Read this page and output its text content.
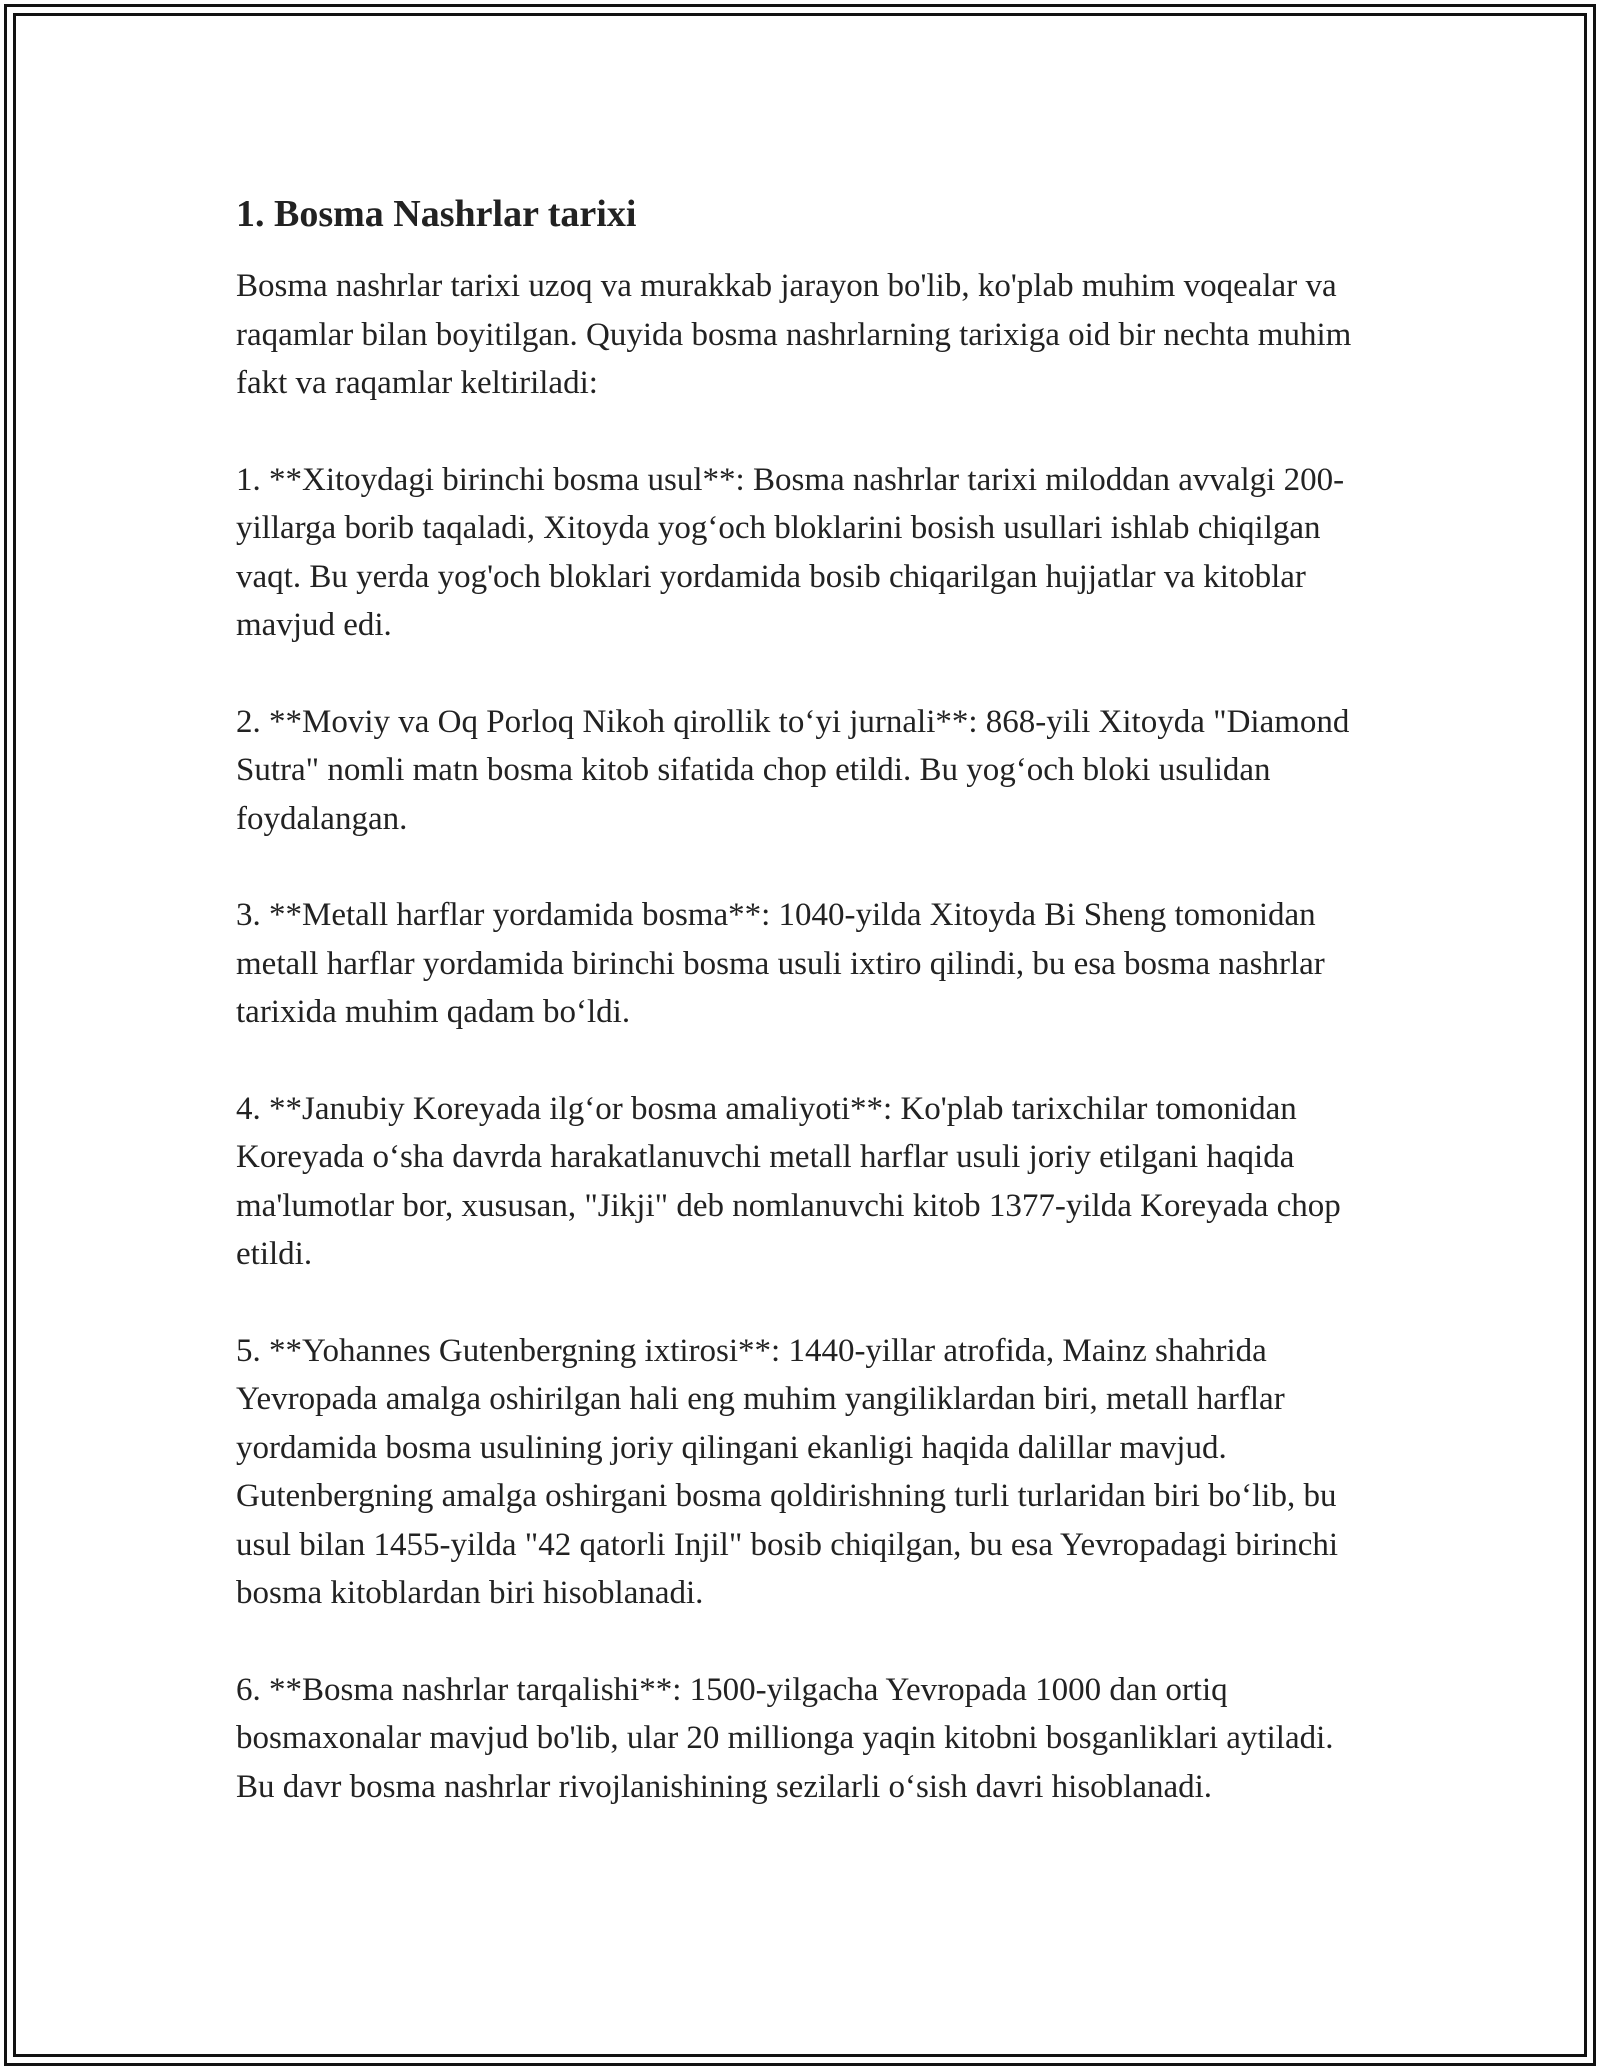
1. Bosma Nashrlar tarixi

Bosma nashrlar tarixi uzoq va murakkab jarayon bo'lib, ko'plab muhim voqealar va raqamlar bilan boyitilgan. Quyida bosma nashrlarning tarixiga oid bir nechta muhim fakt va raqamlar keltiriladi:

1. **Xitoydagi birinchi bosma usul**: Bosma nashrlar tarixi miloddan avvalgi 200-yillarga borib taqaladi, Xitoyda yog‘och bloklarini bosish usullari ishlab chiqilgan vaqt. Bu yerda yog'och bloklari yordamida bosib chiqarilgan hujjatlar va kitoblar mavjud edi.

2. **Moviy va Oq Porloq Nikoh qirollik to‘yi jurnali**: 868-yili Xitoyda "Diamond Sutra" nomli matn bosma kitob sifatida chop etildi. Bu yog‘och bloki usulidan foydalangan.

3. **Metall harflar yordamida bosma**: 1040-yilda Xitoyda Bi Sheng tomonidan metall harflar yordamida birinchi bosma usuli ixtiro qilindi, bu esa bosma nashrlar tarixida muhim qadam bo‘ldi.

4. **Janubiy Koreyada ilg‘or bosma amaliyoti**: Ko'plab tarixchilar tomonidan Koreyada o‘sha davrda harakatlanuvchi metall harflar usuli joriy etilgani haqida ma'lumotlar bor, xususan, "Jikji" deb nomlanuvchi kitob 1377-yilda Koreyada chop etildi.

5. **Yohannes Gutenbergning ixtirosi**: 1440-yillar atrofida, Mainz shahrida Yevropada amalga oshirilgan hali eng muhim yangiliklardan biri, metall harflar yordamida bosma usulining joriy qilingani ekanligi haqida dalillar mavjud. Gutenbergning amalga oshirgani bosma qoldirishning turli turlaridan biri bo‘lib, bu usul bilan 1455-yilda "42 qatorli Injil" bosib chiqilgan, bu esa Yevropadagi birinchi bosma kitoblardan biri hisoblanadi.

6. **Bosma nashrlar tarqalishi**: 1500-yilgacha Yevropada 1000 dan ortiq bosmaxonalar mavjud bo'lib, ular 20 millionga yaqin kitobni bosganliklari aytiladi. Bu davr bosma nashrlar rivojlanishining sezilarli o‘sish davri hisoblanadi.
